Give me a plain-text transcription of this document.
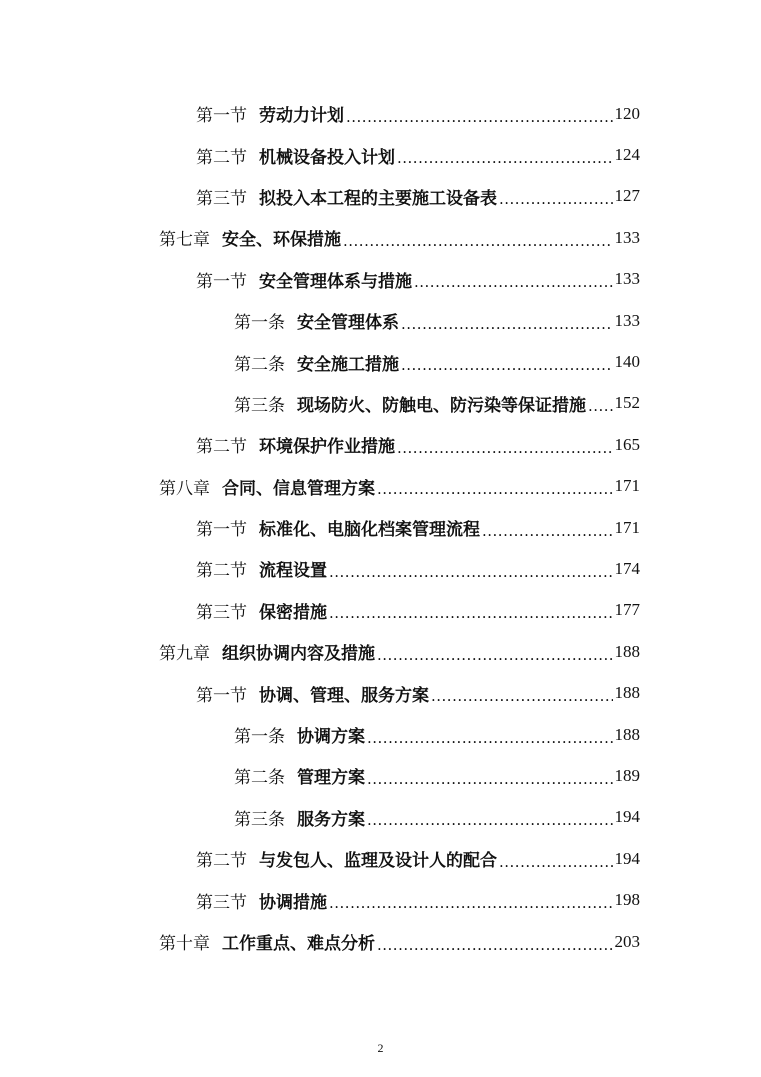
第一节 劳动力计划 .....	120
第二节 机械设备投入计划 .....	124
第三节 拟投入本工程的主要施工设备表 .....	127
第七章 安全、环保措施 .....	133
第一节 安全管理体系与措施 .....	133
第一条 安全管理体系 .....	133
第二条 安全施工措施 .....	140
第三条 现场防火、防触电、防污染等保证措施 ..... 152
第二节 环境保护作业措施 .....	165
第八章 合同、信息管理方案 .....	171
第一节 标准化、电脑化档案管理流程 .....	171
第二节 流程设置 .....	174
第三节 保密措施 .....	177
第九章 组织协调内容及措施 .....	188
第一节 协调、管理、服务方案 .....	188
第一条 协调方案 .....	188
第二条 管理方案 .....	189
第三条 服务方案 .....	194
第二节 与发包人、监理及设计人的配合 .....	194
第三节 协调措施 .....	198
第十章 工作重点、难点分析 .....	203
2
